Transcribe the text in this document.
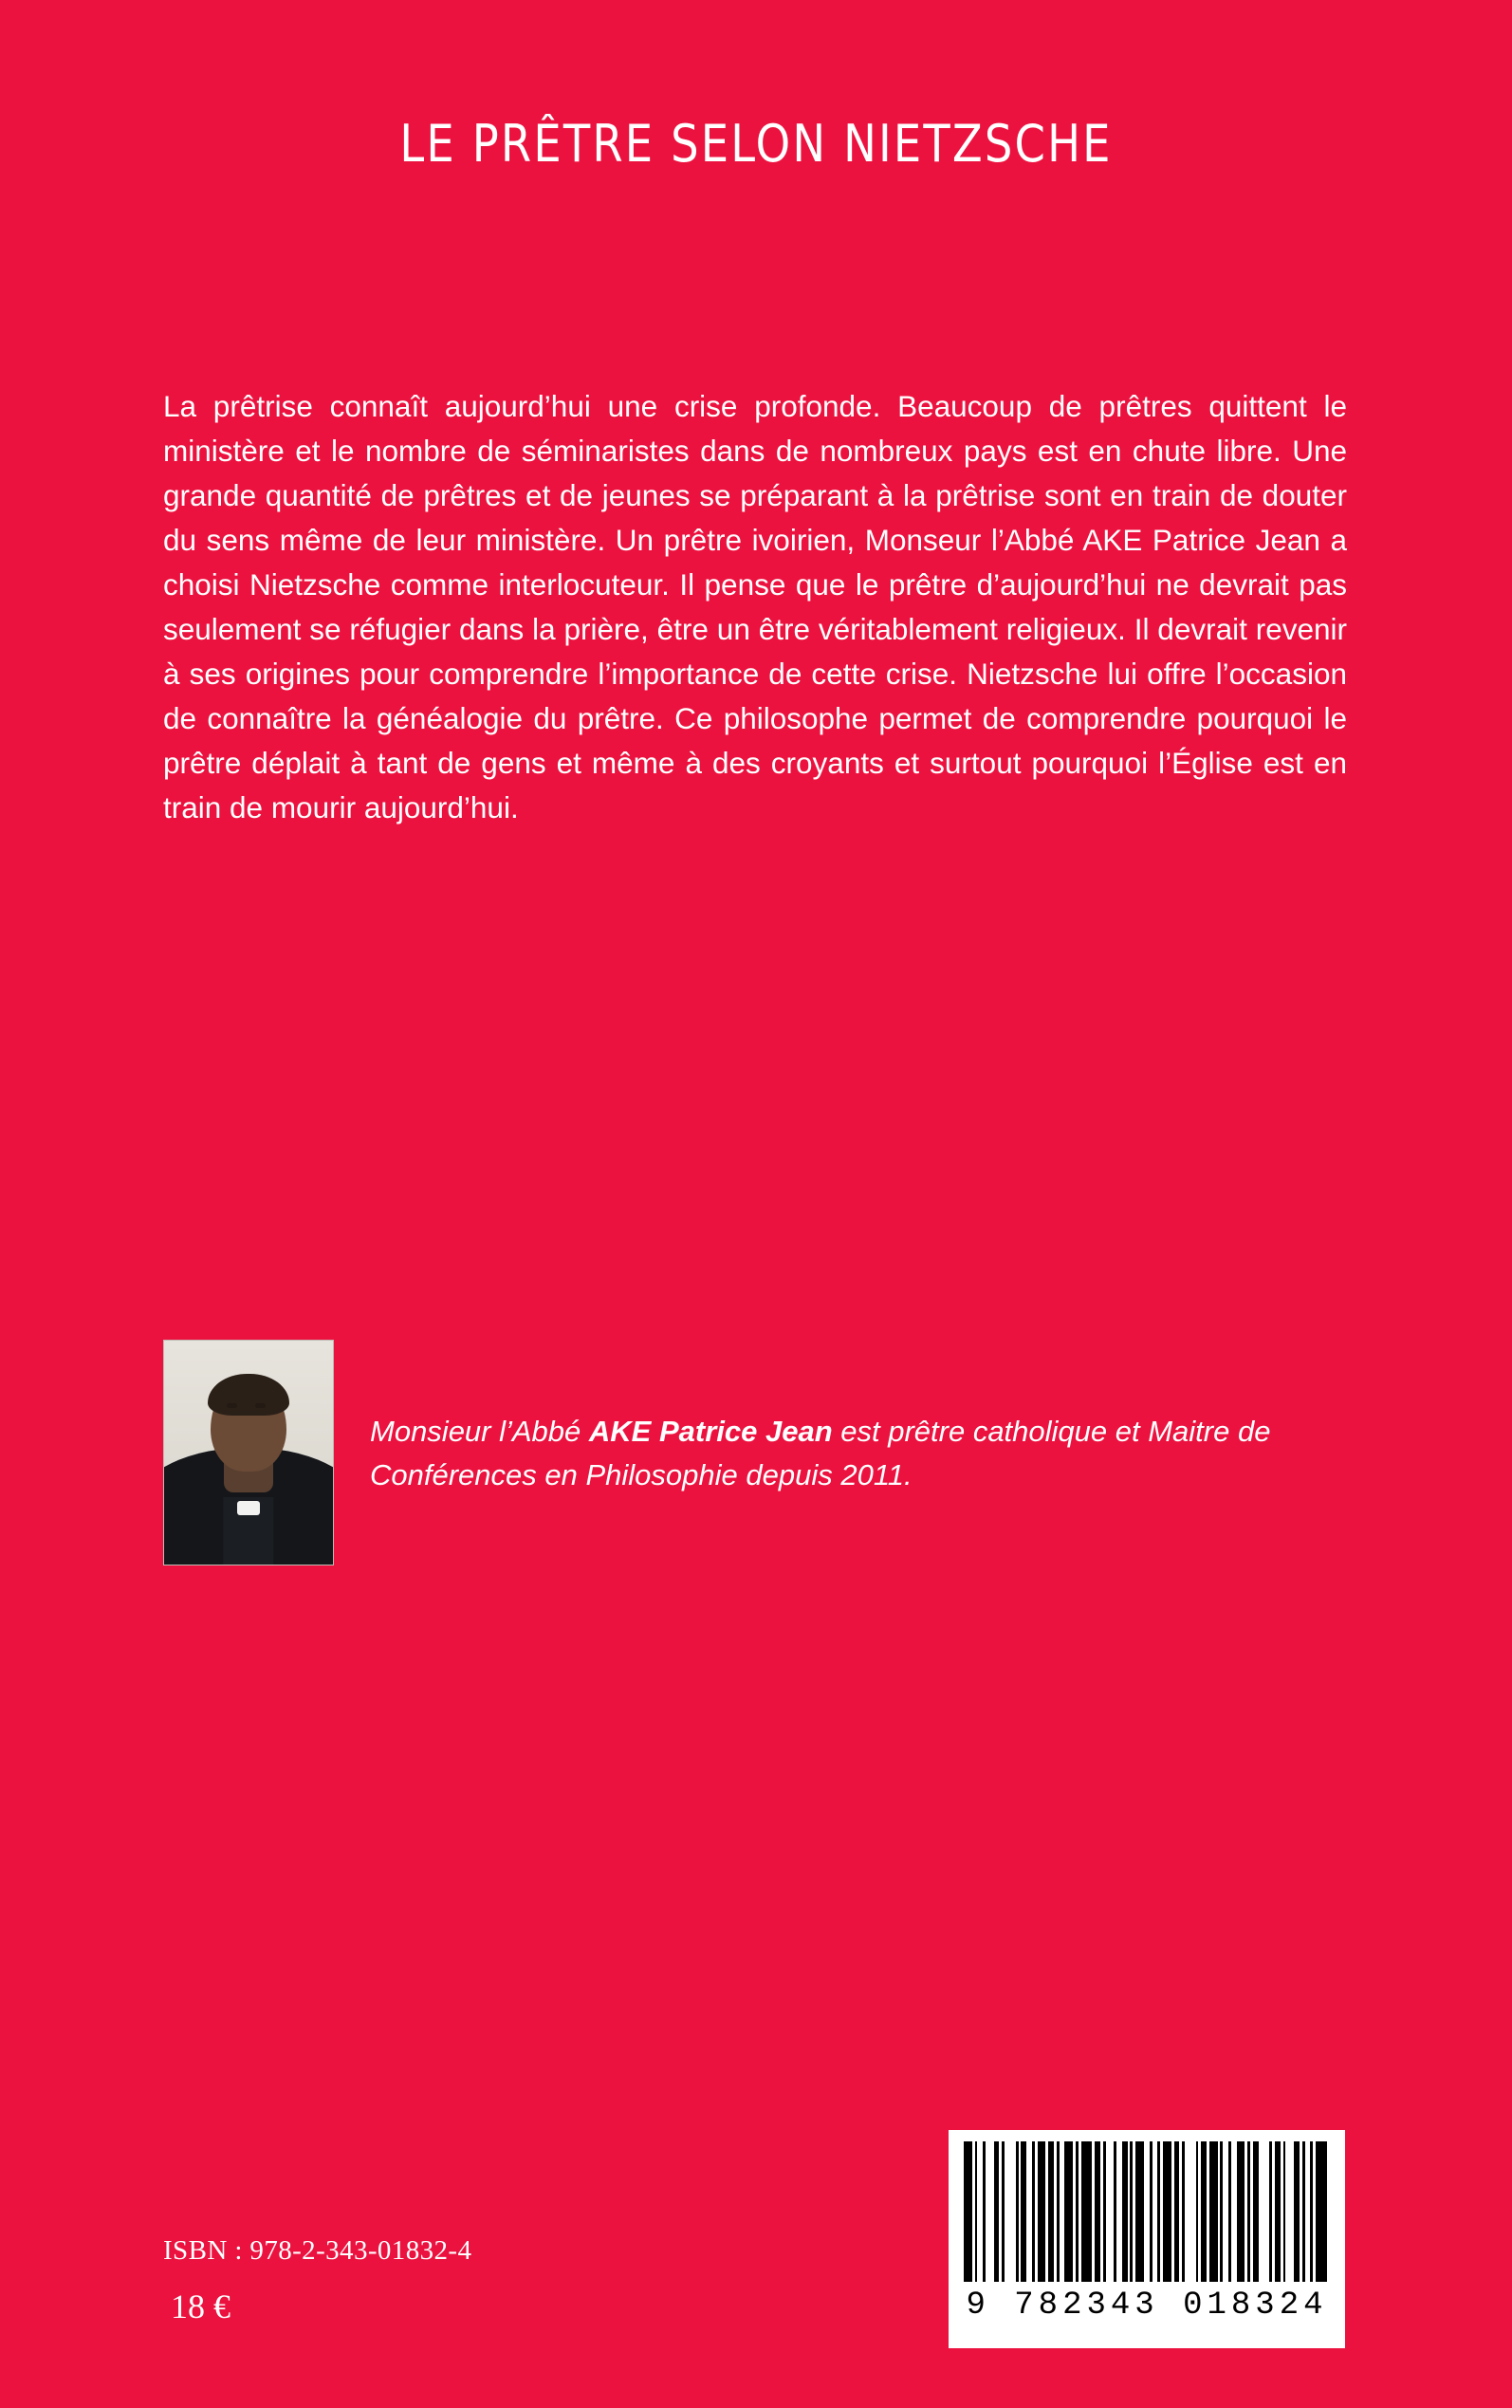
LE PRÊTRE SELON NIETZSCHE
La prêtrise connaît aujourd’hui une crise profonde. Beaucoup de prêtres quittent le ministère et le nombre de séminaristes dans de nombreux pays est en chute libre. Une grande quantité de prêtres et de jeunes se préparant à la prêtrise sont en train de douter du sens même de leur ministère. Un prêtre ivoirien, Monseur l’Abbé AKE Patrice Jean a choisi Nietzsche comme interlocuteur. Il pense que le prêtre d’aujourd’hui ne devrait pas seulement se réfugier dans la prière, être un être véritablement religieux. Il devrait revenir à ses origines pour comprendre l’importance de cette crise. Nietzsche lui offre l’occasion de connaître la généalogie du prêtre. Ce philosophe permet de comprendre pourquoi le prêtre déplait à tant de gens et même à des croyants et surtout pourquoi l’Église est en train de mourir aujourd’hui.
Monsieur l’Abbé AKE Patrice Jean est prêtre catholique et Maitre de Conférences en Philosophie depuis 2011.
ISBN : 978-2-343-01832-4
18 €	9 782343 018324
